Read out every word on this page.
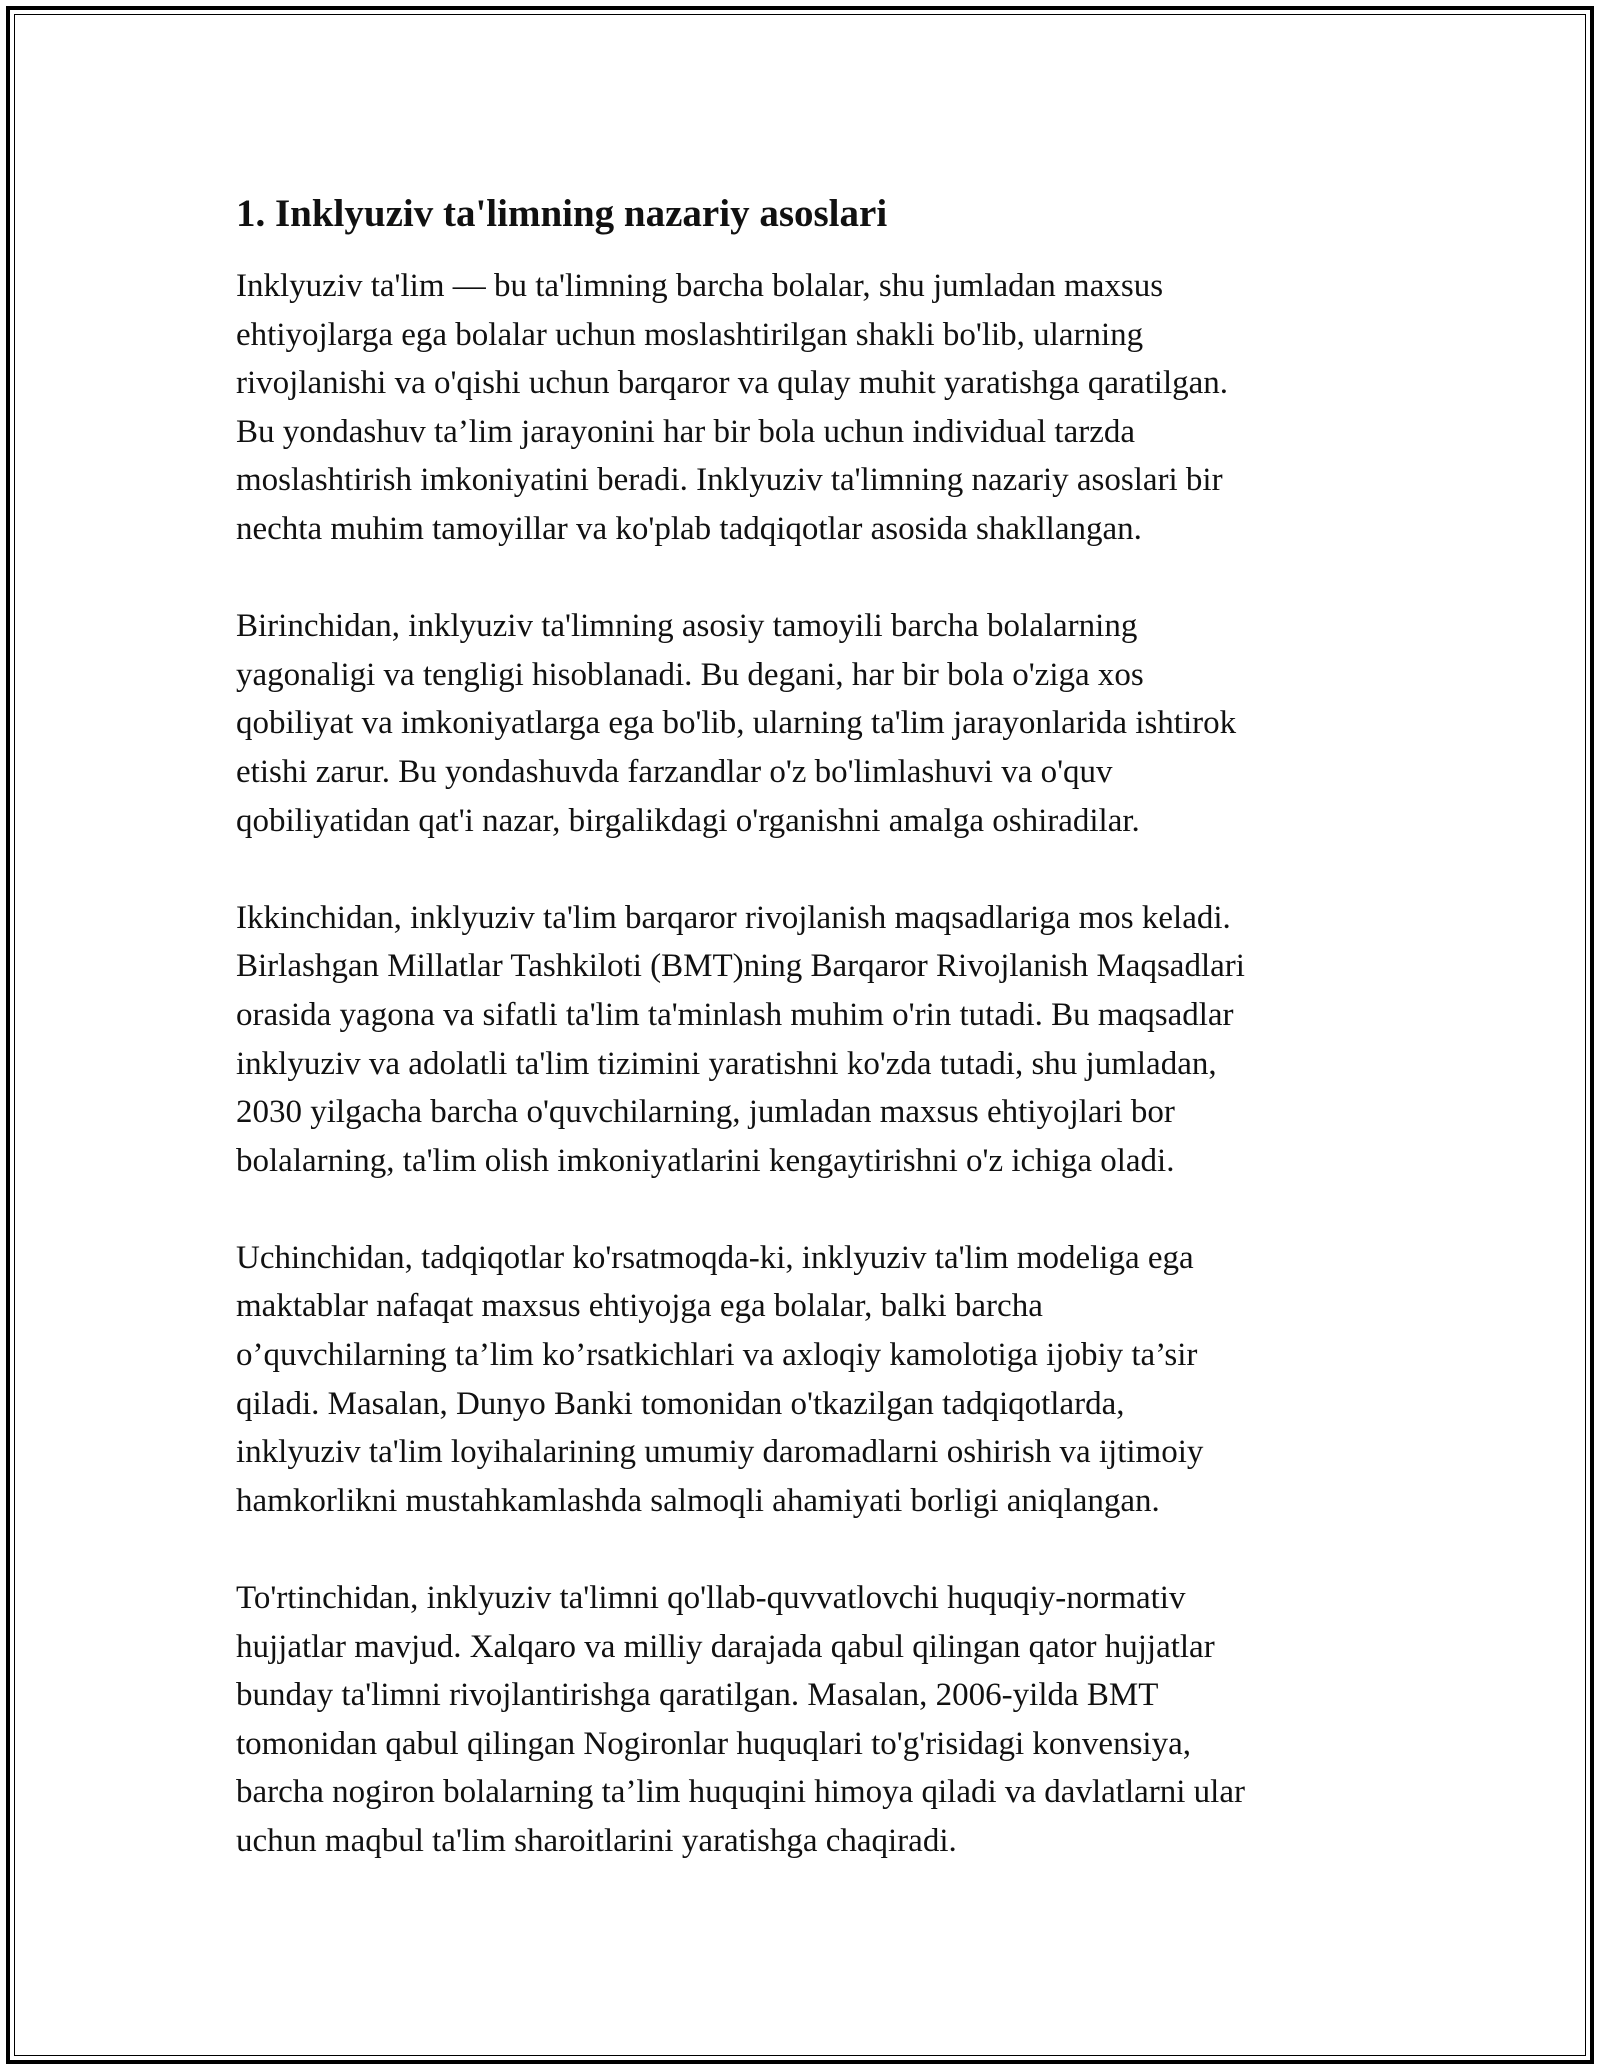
1. Inklyuziv ta'limning nazariy asoslari

Inklyuziv ta'lim — bu ta'limning barcha bolalar, shu jumladan maxsus
ehtiyojlarga ega bolalar uchun moslashtirilgan shakli bo'lib, ularning
rivojlanishi va o'qishi uchun barqaror va qulay muhit yaratishga qaratilgan.
Bu yondashuv ta’lim jarayonini har bir bola uchun individual tarzda
moslashtirish imkoniyatini beradi. Inklyuziv ta'limning nazariy asoslari bir
nechta muhim tamoyillar va ko'plab tadqiqotlar asosida shakllangan.

Birinchidan, inklyuziv ta'limning asosiy tamoyili barcha bolalarning
yagonaligi va tengligi hisoblanadi. Bu degani, har bir bola o'ziga xos
qobiliyat va imkoniyatlarga ega bo'lib, ularning ta'lim jarayonlarida ishtirok
etishi zarur. Bu yondashuvda farzandlar o'z bo'limlashuvi va o'quv
qobiliyatidan qat'i nazar, birgalikdagi o'rganishni amalga oshiradilar.

Ikkinchidan, inklyuziv ta'lim barqaror rivojlanish maqsadlariga mos keladi.
Birlashgan Millatlar Tashkiloti (BMT)ning Barqaror Rivojlanish Maqsadlari
orasida yagona va sifatli ta'lim ta'minlash muhim o'rin tutadi. Bu maqsadlar
inklyuziv va adolatli ta'lim tizimini yaratishni ko'zda tutadi, shu jumladan,
2030 yilgacha barcha o'quvchilarning, jumladan maxsus ehtiyojlari bor
bolalarning, ta'lim olish imkoniyatlarini kengaytirishni o'z ichiga oladi.

Uchinchidan, tadqiqotlar ko'rsatmoqda-ki, inklyuziv ta'lim modeliga ega
maktablar nafaqat maxsus ehtiyojga ega bolalar, balki barcha
o’quvchilarning ta’lim ko’rsatkichlari va axloqiy kamolotiga ijobiy ta’sir
qiladi. Masalan, Dunyo Banki tomonidan o'tkazilgan tadqiqotlarda,
inklyuziv ta'lim loyihalarining umumiy daromadlarni oshirish va ijtimoiy
hamkorlikni mustahkamlashda salmoqli ahamiyati borligi aniqlangan.

To'rtinchidan, inklyuziv ta'limni qo'llab-quvvatlovchi huquqiy-normativ
hujjatlar mavjud. Xalqaro va milliy darajada qabul qilingan qator hujjatlar
bunday ta'limni rivojlantirishga qaratilgan. Masalan, 2006-yilda BMT
tomonidan qabul qilingan Nogironlar huquqlari to'g'risidagi konvensiya,
barcha nogiron bolalarning ta’lim huquqini himoya qiladi va davlatlarni ular
uchun maqbul ta'lim sharoitlarini yaratishga chaqiradi.
